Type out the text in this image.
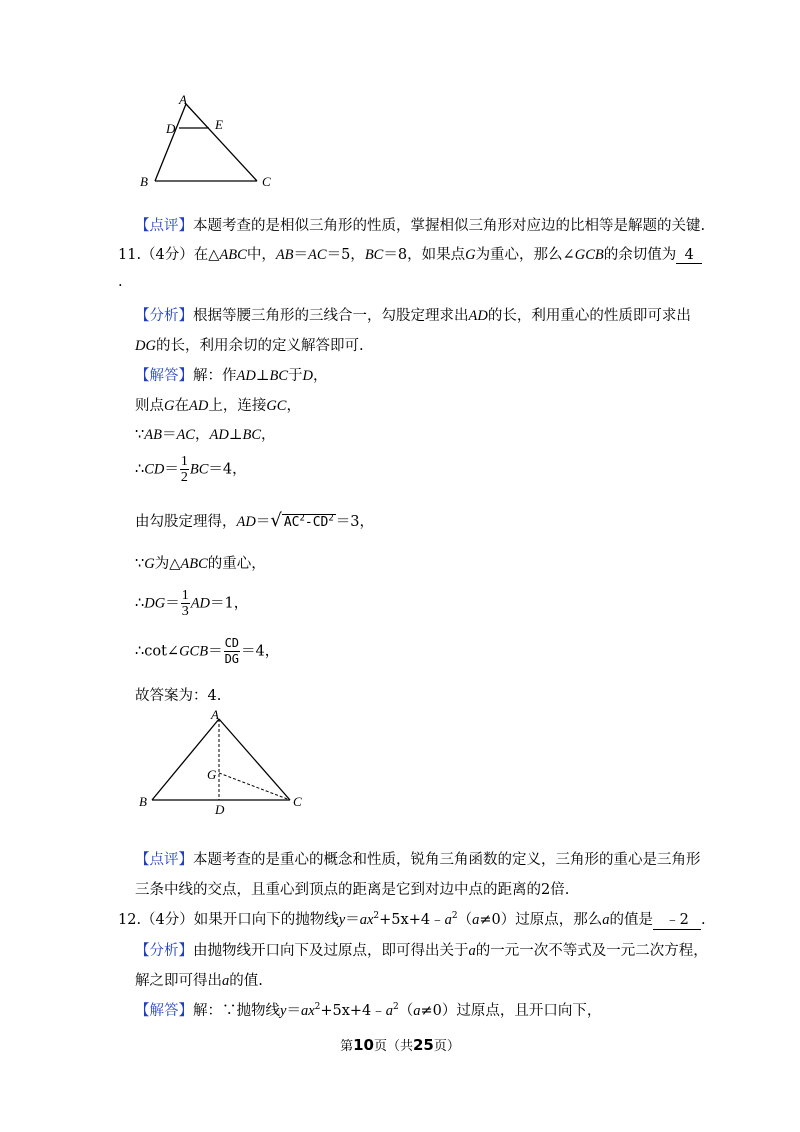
A
D	E
B	C
【点评】本题考查的是相似三角形的性质，掌握相似三角形对应边的比相等是解题的关键.
11.（4分）在△ABC中，AB＝AC＝5，BC＝8，如果点G为重心，那么∠GCB的余切值为 4
.
【分析】根据等腰三角形的三线合一，勾股定理求出AD的长，利用重心的性质即可求出
DG的长，利用余切的定义解答即可.
【解答】解：作AD⊥BC于D，
则点G在AD上，连接GC，
∵AB＝AC，AD⊥BC，
∴CD＝ $\frac{1}{2} BC=4$，
由勾股定理得，AD＝√ $AC^2-CD^2 =3$，
∵G为△ABC的重心，
∴DG＝ $\frac{1}{3} AD=1$，
∴cot∠GCB＝ $\frac{CD}{DG} =4$，
故答案为：4.
A
G
B
D
C
【点评】本题考查的是重心的概念和性质，锐角三角函数的定义，三角形的重心是三角形
三条中线的交点，且重心到顶点的距离是它到对边中点的距离的2倍.
12.（4分）如果开口向下的抛物线$y=ax^2+5x+4﹣a^2(a\ne 0)$过原点，那么a的值是 ﹣2 .
【分析】由抛物线开口向下及过原点，即可得出关于a的一元一次不等式及一元二次方程，
解之即可得出a的值.
【解答】解：∵抛物线$y=ax^2+5x+4﹣a^2(a\ne 0)$过原点，且开口向下，
第10页（共25页）
